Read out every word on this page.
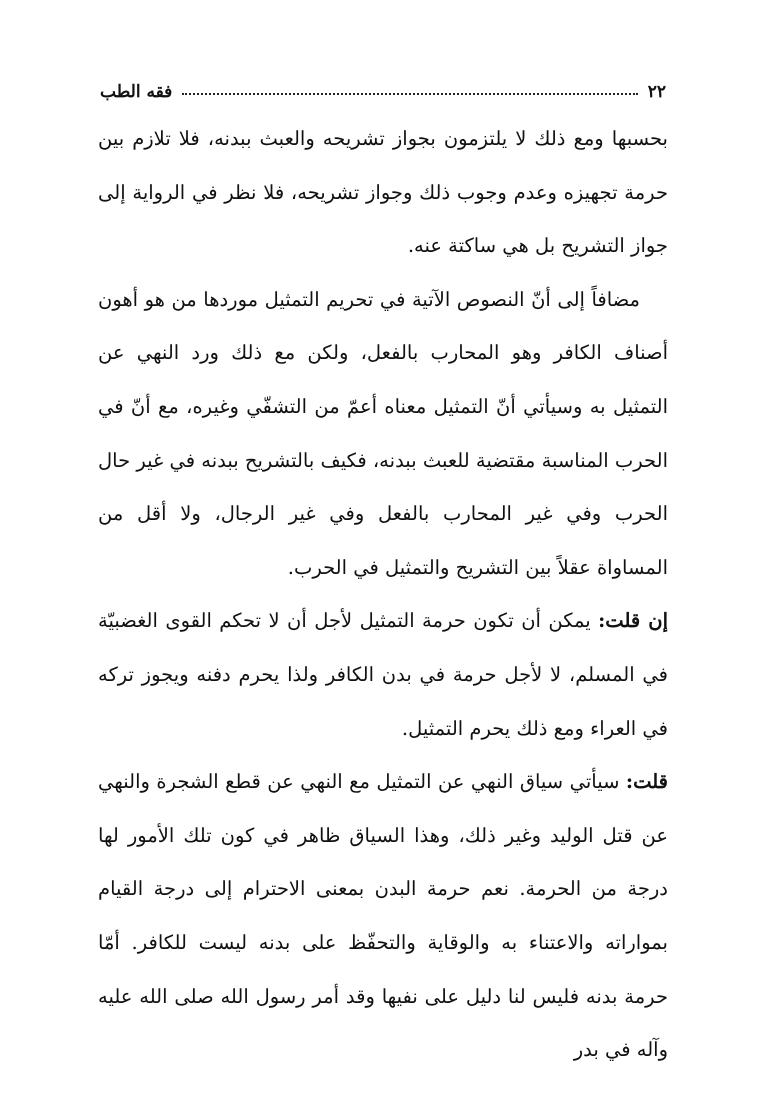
٢٢
فقه الطب

بحسبها ومع ذلك لا يلتزمون بجواز تشريحه والعبث ببدنه، فلا تلازم بين حرمة تجهيزه وعدم وجوب ذلك وجواز تشريحه، فلا نظر في الرواية إلى جواز التشريح بل هي ساكتة عنه.

مضافاً إلى أنّ النصوص الآتية في تحريم التمثيل موردها من هو أهون أصناف الكافر وهو المحارب بالفعل، ولكن مع ذلك ورد النهي عن التمثيل به وسيأتي أنّ التمثيل معناه أعمّ من التشفّي وغيره، مع أنّ في الحرب المناسبة مقتضية للعبث ببدنه، فكيف بالتشريح ببدنه في غير حال الحرب وفي غير المحارب بالفعل وفي غير الرجال، ولا أقل من المساواة عقلاً بين التشريح والتمثيل في الحرب.

إن قلت: يمكن أن تكون حرمة التمثيل لأجل أن لا تحكم القوى الغضبيّة في المسلم، لا لأجل حرمة في بدن الكافر ولذا يحرم دفنه ويجوز تركه في العراء ومع ذلك يحرم التمثيل.

قلت: سيأتي سياق النهي عن التمثيل مع النهي عن قطع الشجرة والنهي عن قتل الوليد وغير ذلك، وهذا السياق ظاهر في كون تلك الأمور لها درجة من الحرمة. نعم حرمة البدن بمعنى الاحترام إلى درجة القيام بمواراته والاعتناء به والوقاية والتحفّظ على بدنه ليست للكافر. أمّا حرمة بدنه فليس لنا دليل على نفيها وقد أمر رسول الله صلى الله عليه وآله في بدر
